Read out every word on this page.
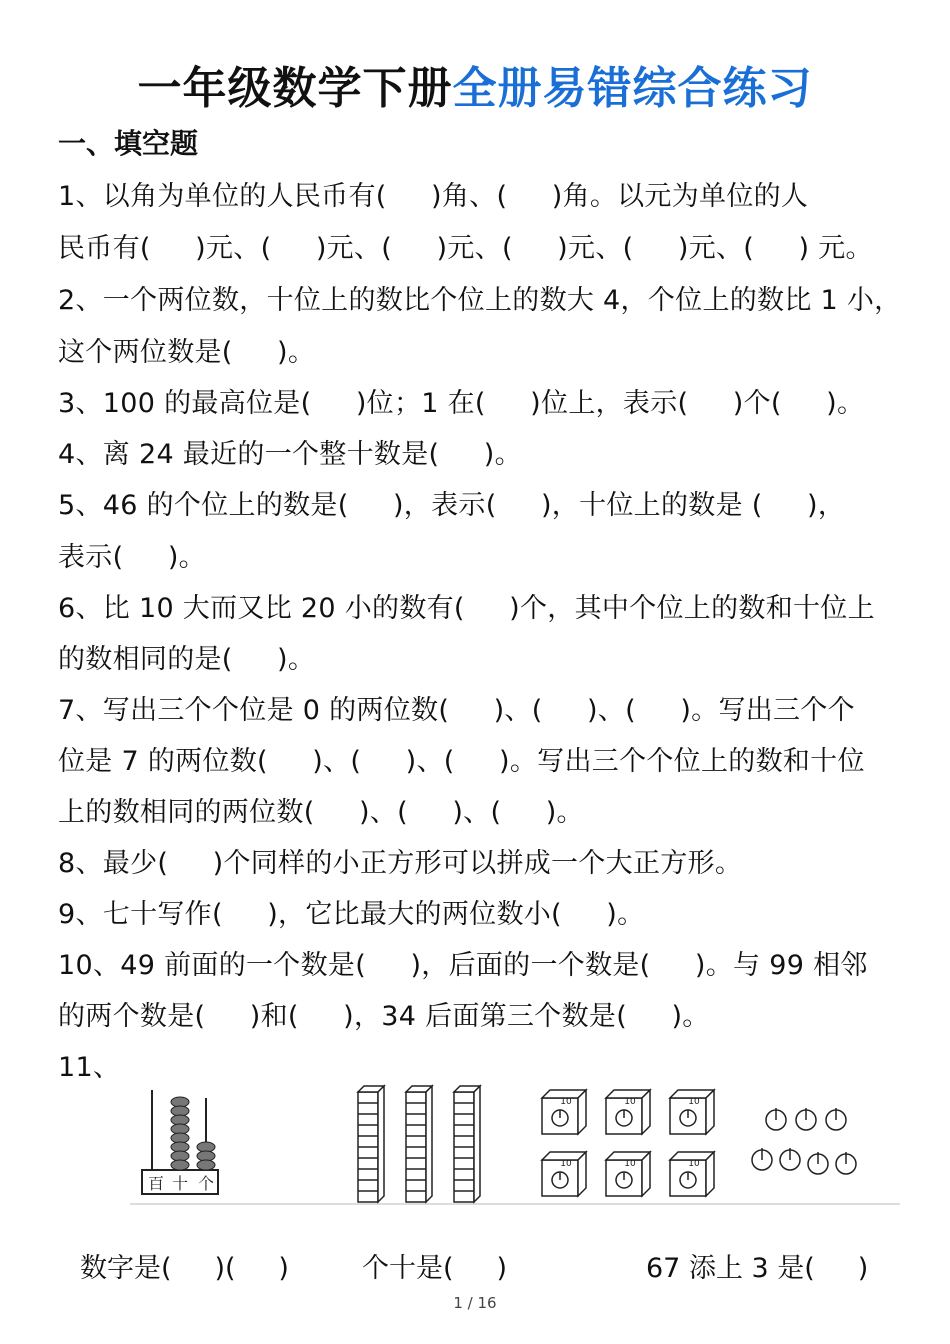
一年级数学下册全册易错综合练习
一、填空题
1、以角为单位的人民币有(     )角、(     )角。以元为单位的人
民币有(     )元、(     )元、(     )元、(     )元、(     )元、(     ) 元。
2、一个两位数，十位上的数比个位上的数大 4，个位上的数比 1 小，
这个两位数是(     )。
3、100 的最高位是(     )位；1 在(     )位上，表示(     )个(     )。
4、离 24 最近的一个整十数是(     )。
5、46 的个位上的数是(     )，表示(     )，十位上的数是 (     )，
表示(     )。
6、比 10 大而又比 20 小的数有(     )个，其中个位上的数和十位上
的数相同的是(     )。
7、写出三个个位是 0 的两位数(     )、(     )、(     )。写出三个个
位是 7 的两位数(     )、(     )、(     )。写出三个个位上的数和十位
上的数相同的两位数(     )、(     )、(     )。
8、最少(     )个同样的小正方形可以拼成一个大正方形。
9、七十写作(     )，它比最大的两位数小(     )。
10、49 前面的一个数是(     )，后面的一个数是(     )。与 99 相邻
的两个数是(     )和(     )，34 后面第三个数是(     )。
11、
百 十 个
10	10	10
10	10	10
数字是(     )(     )	个十是(     )	67 添上 3 是(     )
1 / 16
